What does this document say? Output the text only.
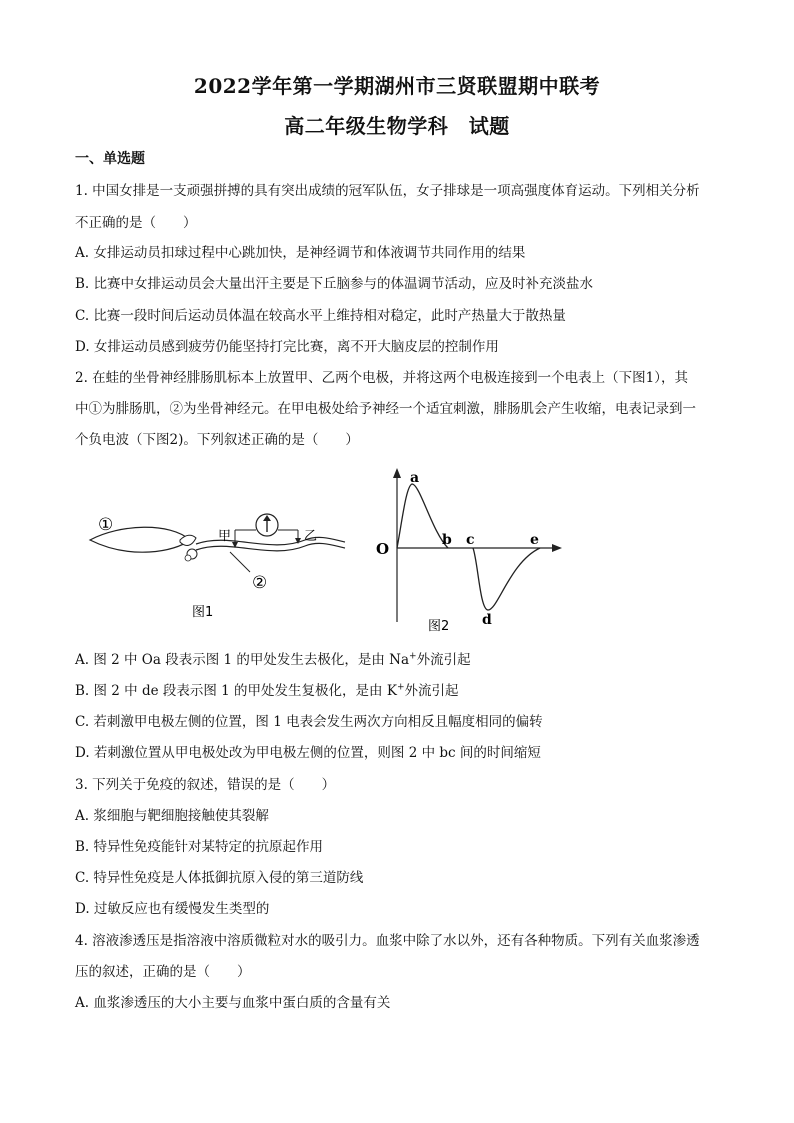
2022学年第一学期湖州市三贤联盟期中联考
高二年级生物学科　试题
一、单选题
1. 中国女排是一支顽强拼搏的具有突出成绩的冠军队伍，女子排球是一项高强度体育运动。下列相关分析
不正确的是（　　）
A. 女排运动员扣球过程中心跳加快，是神经调节和体液调节共同作用的结果
B. 比赛中女排运动员会大量出汗主要是下丘脑参与的体温调节活动，应及时补充淡盐水
C. 比赛一段时间后运动员体温在较高水平上维持相对稳定，此时产热量大于散热量
D. 女排运动员感到疲劳仍能坚持打完比赛，离不开大脑皮层的控制作用
2. 在蛙的坐骨神经腓肠肌标本上放置甲、乙两个电极，并将这两个电极连接到一个电表上（下图1），其
中①为腓肠肌，②为坐骨神经元。在甲电极处给予神经一个适宜刺激，腓肠肌会产生收缩，电表记录到一
个负电波（下图2)。下列叙述正确的是（　　）
①
②
甲	乙
图1
O
a
b c
d
e
图2
A. 图 2 中 Oa 段表示图 1 的甲处发生去极化，是由 Na+外流引起
B. 图 2 中 de 段表示图 1 的甲处发生复极化，是由 K+外流引起
C. 若刺激甲电极左侧的位置，图 1 电表会发生两次方向相反且幅度相同的偏转
D. 若刺激位置从甲电极处改为甲电极左侧的位置，则图 2 中 bc 间的时间缩短
3. 下列关于免疫的叙述，错误的是（　　）
A. 浆细胞与靶细胞接触使其裂解
B. 特异性免疫能针对某特定的抗原起作用
C. 特异性免疫是人体抵御抗原入侵的第三道防线
D. 过敏反应也有缓慢发生类型的
4. 溶液渗透压是指溶液中溶质微粒对水的吸引力。血浆中除了水以外，还有各种物质。下列有关血浆渗透
压的叙述，正确的是（　　）
A. 血浆渗透压的大小主要与血浆中蛋白质的含量有关
